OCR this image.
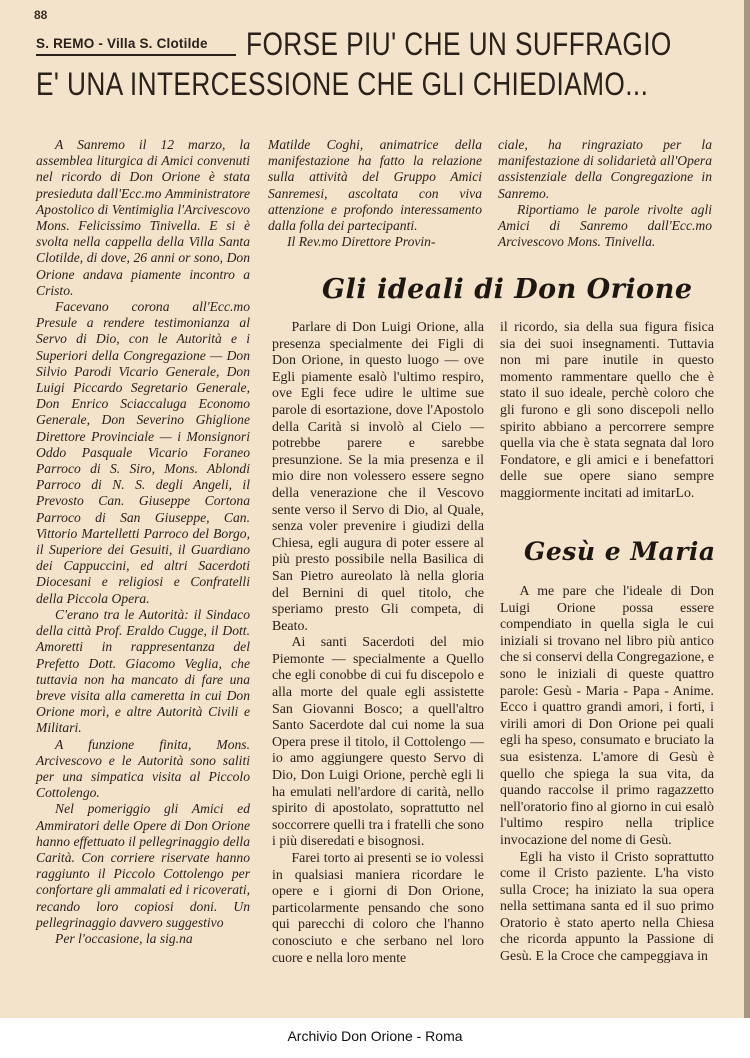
88
S. REMO - Villa S. Clotilde FORSE PIU' CHE UN SUFFRAGIO
E' UNA INTERCESSIONE CHE GLI CHIEDIAMO...

A Sanremo il 12 marzo, la assemblea liturgica di Amici convenuti nel ricordo di Don Orione è stata presieduta dall'Ecc.mo Amministratore Apostolico di Ventimiglia l'Arcivescovo Mons. Felicissimo Tinivella. E si è svolta nella cappella della Villa Santa Clotilde, di dove, 26 anni or sono, Don Orione andava piamente incontro a Cristo.

Facevano corona all'Ecc.mo Presule a rendere testimonianza al Servo di Dio, con le Autorità e i Superiori della Congregazione — Don Silvio Parodi Vicario Generale, Don Luigi Piccardo Segretario Generale, Don Enrico Sciaccaluga Economo Generale, Don Severino Ghiglione Direttore Provinciale — i Monsignori Oddo Pasquale Vicario Foraneo Parroco di S. Siro, Mons. Ablondi Parroco di N. S. degli Angeli, il Prevosto Can. Giuseppe Cortona Parroco di San Giuseppe, Can. Vittorio Martelletti Parroco del Borgo, il Superiore dei Gesuiti, il Guardiano dei Cappuccini, ed altri Sacerdoti Diocesani e religiosi e Confratelli della Piccola Opera.

C'erano tra le Autorità: il Sindaco della città Prof. Eraldo Cugge, il Dott. Amoretti in rappresentanza del Prefetto Dott. Giacomo Veglia, che tuttavia non ha mancato di fare una breve visita alla cameretta in cui Don Orione morì, e altre Autorità Civili e Militari.

A funzione finita, Mons. Arcivescovo e le Autorità sono saliti per una simpatica visita al Piccolo Cottolengo.

Nel pomeriggio gli Amici ed Ammiratori delle Opere di Don Orione hanno effettuato il pellegrinaggio della Carità. Con corriere riservate hanno raggiunto il Piccolo Cottolengo per confortare gli ammalati ed i ricoverati, recando loro copiosi doni. Un pellegrinaggio davvero suggestivo

Per l'occasione, la sig.na

Matilde Coghi, animatrice della manifestazione ha fatto la relazione sulla attività del Gruppo Amici Sanremesi, ascoltata con viva attenzione e profondo interessamento dalla folla dei partecipanti.

Il Rev.mo Direttore Provin-

ciale, ha ringraziato per la manifestazione di solidarietà all'Opera assistenziale della Congregazione in Sanremo.

Riportiamo le parole rivolte agli Amici di Sanremo dall'Ecc.mo Arcivescovo Mons. Tinivella.

Gli ideali di Don Orione

Parlare di Don Luigi Orione, alla presenza specialmente dei Figli di Don Orione, in questo luogo — ove Egli piamente esalò l'ultimo respiro, ove Egli fece udire le ultime sue parole di esortazione, dove l'Apostolo della Carità si involò al Cielo — potrebbe parere e sarebbe presunzione. Se la mia presenza e il mio dire non volessero essere segno della venerazione che il Vescovo sente verso il Servo di Dio, al Quale, senza voler prevenire i giudizi della Chiesa, egli augura di poter essere al più presto possibile nella Basilica di San Pietro aureolato là nella gloria del Bernini di quel titolo, che speriamo presto Gli competa, di Beato.

Ai santi Sacerdoti del mio Piemonte — specialmente a Quello che egli conobbe di cui fu discepolo e alla morte del quale egli assistette San Giovanni Bosco; a quell'altro Santo Sacerdote dal cui nome la sua Opera prese il titolo, il Cottolengo — io amo aggiungere questo Servo di Dio, Don Luigi Orione, perchè egli li ha emulati nell'ardore di carità, nello spirito di apostolato, soprattutto nel soccorrere quelli tra i fratelli che sono i più diseredati e bisognosi.

Farei torto ai presenti se io volessi in qualsiasi maniera ricordare le opere e i giorni di Don Orione, particolarmente pensando che sono qui parecchi di coloro che l'hanno conosciuto e che serbano nel loro cuore e nella loro mente

il ricordo, sia della sua figura fisica sia dei suoi insegnamenti. Tuttavia non mi pare inutile in questo momento rammentare quello che è stato il suo ideale, perchè coloro che gli furono e gli sono discepoli nello spirito abbiano a percorrere sempre quella via che è stata segnata dal loro Fondatore, e gli amici e i benefattori delle sue opere siano sempre maggiormente incitati ad imitarLo.

Gesù e Maria

A me pare che l'ideale di Don Luigi Orione possa essere compendiato in quella sigla le cui iniziali si trovano nel libro più antico che si conservi della Congregazione, e sono le iniziali di queste quattro parole: Gesù - Maria - Papa - Anime. Ecco i quattro grandi amori, i forti, i virili amori di Don Orione pei quali egli ha speso, consumato e bruciato la sua esistenza. L'amore di Gesù è quello che spiega la sua vita, da quando raccolse il primo ragazzetto nell'oratorio fino al giorno in cui esalò l'ultimo respiro nella triplice invocazione del nome di Gesù.

Egli ha visto il Cristo soprattutto come il Cristo paziente. L'ha visto sulla Croce; ha iniziato la sua opera nella settimana santa ed il suo primo Oratorio è stato aperto nella Chiesa che ricorda appunto la Passione di Gesù. E la Croce che campeggiava in

Archivio Don Orione - Roma
